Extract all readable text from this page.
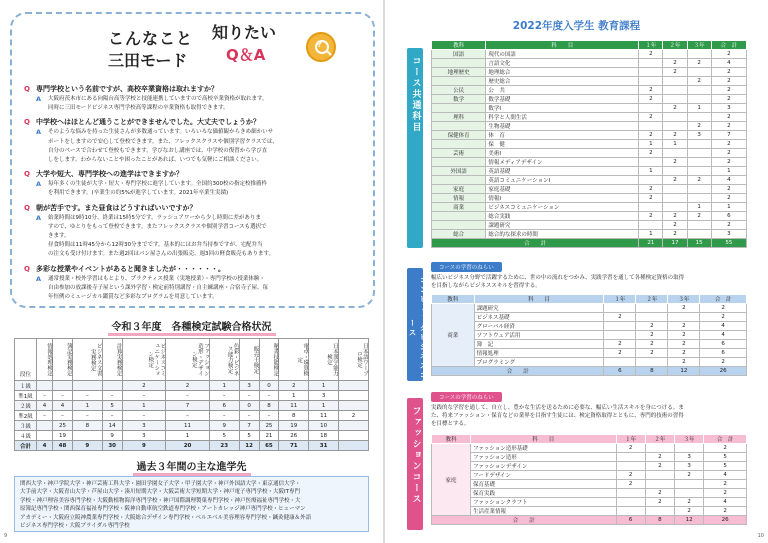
こんなこと
三田モード
知りたい
Q＆A
?
Q 専門学校という名前ですが、高校卒業資格は取れますか？
A	大阪府茨木市にある向陽台高等学校と技能連携していますので高校卒業資格が取れます。
同時に三田モードビジネス専門学校高等課程の卒業資格も取得できます。
Q 中学校へはほとんど通うことができませんでした。大丈夫でしょうか？
A	そのような悩みを持った生徒さんが多数通っています。いろいろな価値観からきめ細かいサ
ポートをしますので安心して登校できます。また、フレックスクラスや個別学習クラスでは、
自分のペースで合わせて登校もできます。学びなおし講座では、中学校の復習から学び直
しをします。わからないことや困ったことがあれば、いつでも気軽にご相談ください。
Q 大学や短大、専門学校への進学はできますか？
A	毎年多くの生徒が大学・短大・専門学校に進学しています。全国約300校の指定校推薦枠
を利用できます。(卒業生の約5%が進学しています。2021年卒業生実績)
Q 朝が苦手です。また昼食はどうすればいいですか？
A	始業時間は9時10分、終業は15時5分です。ラッシュアワーから少し時間に差がありま
すので、ゆとりをもって登校できます。またフレックスクラスや個別学習コースも選択で
きます。
昼食時間は11時45分から12時30分までです。基本的にはお弁当持参ですが、宅配弁当
の注文も受け付けます。また週2回はパン屋さんの出張販売、週3回の軽食販売もあります。
Q 多彩な授業やイベントがあると聞きましたが・・・・・・。
A	通常授業・校外学習はもとより、プラクティス授業（実地授業）・専門学校の授業体験・
自由参加の放課後寺子屋という課外学習・検定前特別講習・自主練講座・合宿寺子屋、毎
年恒例のミュージカル鑑賞など多彩なプログラムを用意しています。
令和３年度　各種検定試験合格状況
段位	情報処理検定	簿記実務検定	ビジネス文書実務検定	計算実務検定	ビジネスコミュニケーション検定	ファッション造形・デザイン検定	色彩・ビジネス能力検定	販売士検定	秘書技能検定	電卓・珠算検定	日本漢字能力検定	日本語ワープロ検定
１級					2	2	1	3	0	2	1	
準1級	–	–	–	–	–	–	–	–	–	1	3	
２級	4	4	1	5	1	7	6	0	8	11	1	
準2級	–	–	–	–	–	–	–	–	–	8	11	2
３級		25	8	14	3	11	9	7	25	19	10	
４級		19		9	3	1	5	5	21	26	18	
合計	4	48	9	30	9	20	23	12	65	71	31	
過去３年間の主な進学先
関西大学・神戸学院大学・神戸芸術工科大学・園田学園女子大学・甲子園大学・神戸外国語大学・東京通信大学・
大手前大学・大阪青山大学・芦屋山大学・湊川短期大学・大阪芸術大学短期大学・神戸電子専門学校・大阪IT専門
学校・神戸理容美容専門学校・大阪動植物海洋専門学校・神戸国際調理製菓専門学校・神戸医療福祉専門学校・大
原簿記専門学校・関西保育福祉専門学校・阪神自動車航空鉄道専門学校・アートカレッジ神戸専門学校・ヒューマン
アカデミー・大阪府立阪神農業専門学校・大阪総合デザイン専門学校・ベルエベル美容理容専門学校・鍼灸健康＆外語
ビジネス専門学校・大阪ブライダル専門学校
9
2022年度入学生 教育課程
コース共通科目
教科	科　　目	１年	２年	３年	合　計
国語	現代の国語	2			2
	言語文化		2	2	4
地理歴史	地理総合		2		2
	歴史総合			2	2
公民	公　共	2			2
数学	数学基礎	2			2
	数学Ⅰ		2	1	3
理科	科学と人間生活	2			2
	生物基礎			2	2
保健体育	体　育	2	2	3	7
	保　健	1	1		2
芸術	美術Ⅰ	2			2
	情報メディアデザイン		2		2
外国語	英語基礎	1			1
	英語コミュニケーションⅠ		2	2	4
家庭	家庭基礎	2			2
情報	情報Ⅰ	2			2
商業	ビジネスコミュニケーション			1	1
	総合実践	2	2	2	6
	課題研究		2		2
総合	総合的な探求の時間	1	2		3
合　　計		21	17	15	55
コンピュータビジネスコース
コースの学習のねらい
幅広いビジネス分野で活躍するために、世の中の流れをつかみ、実践学習を通して各種検定資格の取得
を目指しながらビジネススキルを習得する。
教科	科　　目	１年	２年	３年	合　計
商業	課題研究			2	2
	ビジネス基礎	2			2
	グローバル経済		2	2	4
	ソフトウェア活用		2	2	4
	簿　記	2	2	2	6
	情報処理	2	2	2	6
	プログラミング			2	2
合　　計		6	8	12	26
ファッションコース
コースの学習のねらい
実践的な学習を通して、自立し、豊かな生活を送るために必要な、幅広い生活スキルを身につける。ま
た、将来ファッション・保育などの業界を目指す生徒には、検定資格取得とともに、専門的技術の習得
を目標とする。
教科	科　　目	１年	２年	３年	合　計
家庭	ファッション造形基礎	2			2
	ファッション造形		2	3	5
	ファッションデザイン		2	3	5
	フードデザイン	2		2	4
	保育基礎	2			2
	保育実践		2		2
	ファッションクラフト		2	2	4
	生活産業情報			2	2
合　　計		6	8	12	26
10
